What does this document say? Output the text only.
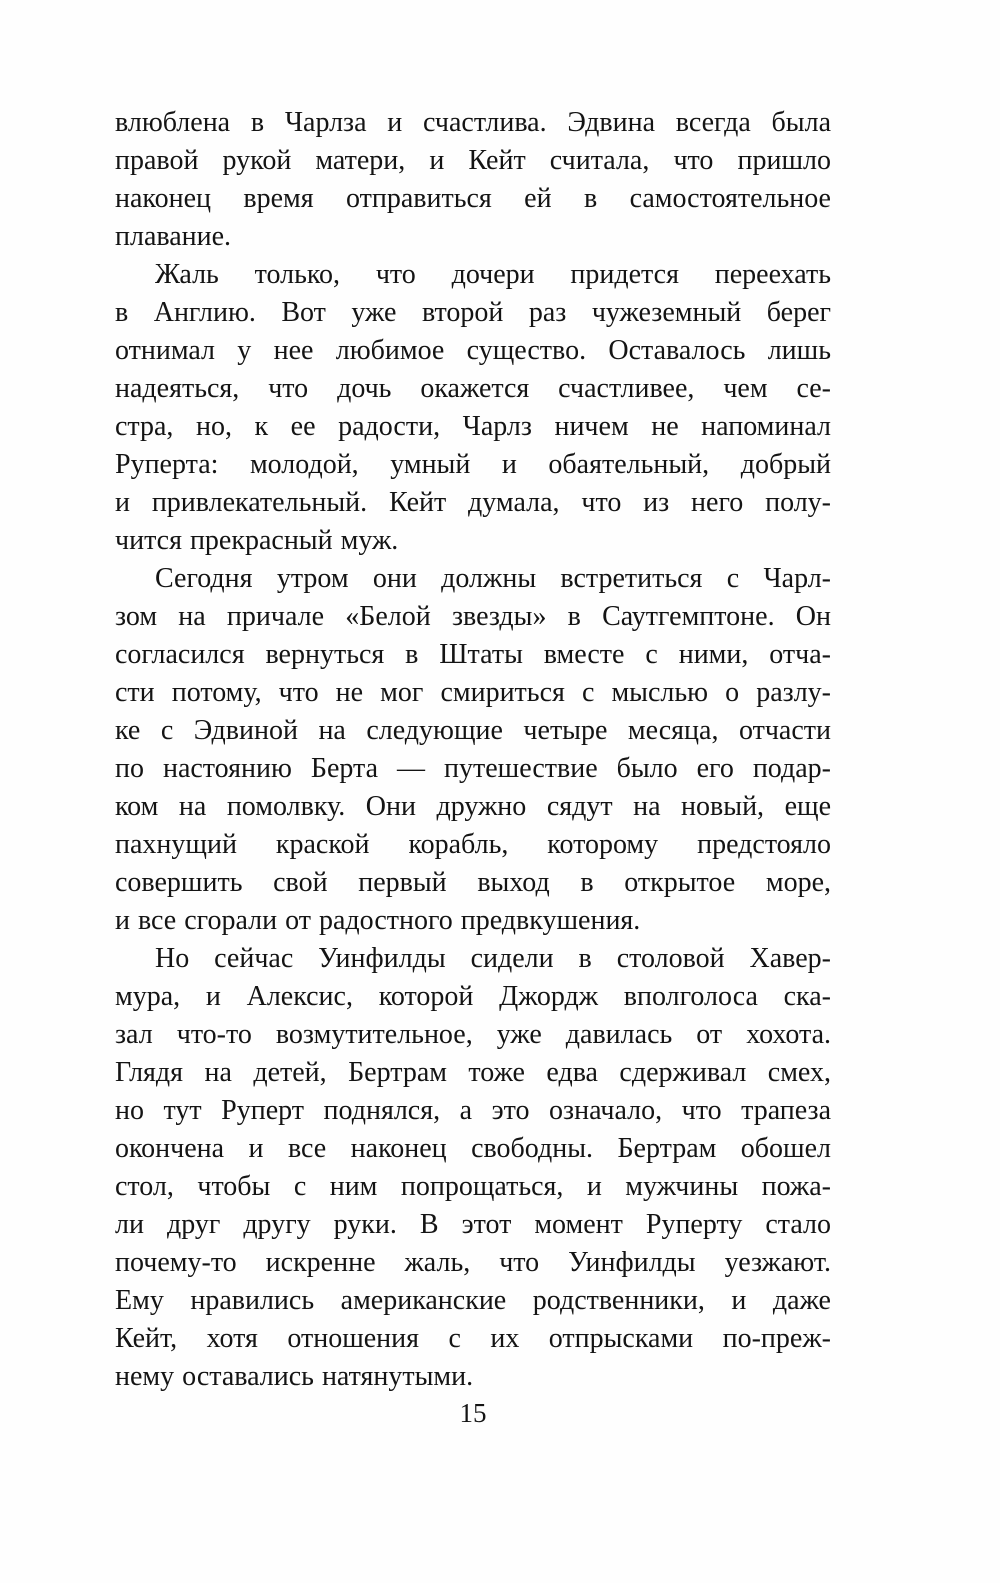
влюблена в Чарлза и счастлива. Эдвина всегда была
правой рукой матери, и Кейт считала, что пришло
наконец время отправиться ей в самостоятельное
плавание.
Жаль только, что дочери придется переехать
в Англию. Вот уже второй раз чужеземный берег
отнимал у нее любимое существо. Оставалось лишь
надеяться, что дочь окажется счастливее, чем се-
стра, но, к ее радости, Чарлз ничем не напоминал
Руперта: молодой, умный и обаятельный, добрый
и привлекательный. Кейт думала, что из него полу-
чится прекрасный муж.
Сегодня утром они должны встретиться с Чарл-
зом на причале «Белой звезды» в Саутгемптоне. Он
согласился вернуться в Штаты вместе с ними, отча-
сти потому, что не мог смириться с мыслью о разлу-
ке с Эдвиной на следующие четыре месяца, отчасти
по настоянию Берта — путешествие было его подар-
ком на помолвку. Они дружно сядут на новый, еще
пахнущий краской корабль, которому предстояло
совершить свой первый выход в открытое море,
и все сгорали от радостного предвкушения.
Но сейчас Уинфилды сидели в столовой Хавер-
мура, и Алексис, которой Джордж вполголоса ска-
зал что-то возмутительное, уже давилась от хохота.
Глядя на детей, Бертрам тоже едва сдерживал смех,
но тут Руперт поднялся, а это означало, что трапеза
окончена и все наконец свободны. Бертрам обошел
стол, чтобы с ним попрощаться, и мужчины пожа-
ли друг другу руки. В этот момент Руперту стало
почему-то искренне жаль, что Уинфилды уезжают.
Ему нравились американские родственники, и даже
Кейт, хотя отношения с их отпрысками по-преж-
нему оставались натянутыми.
15
